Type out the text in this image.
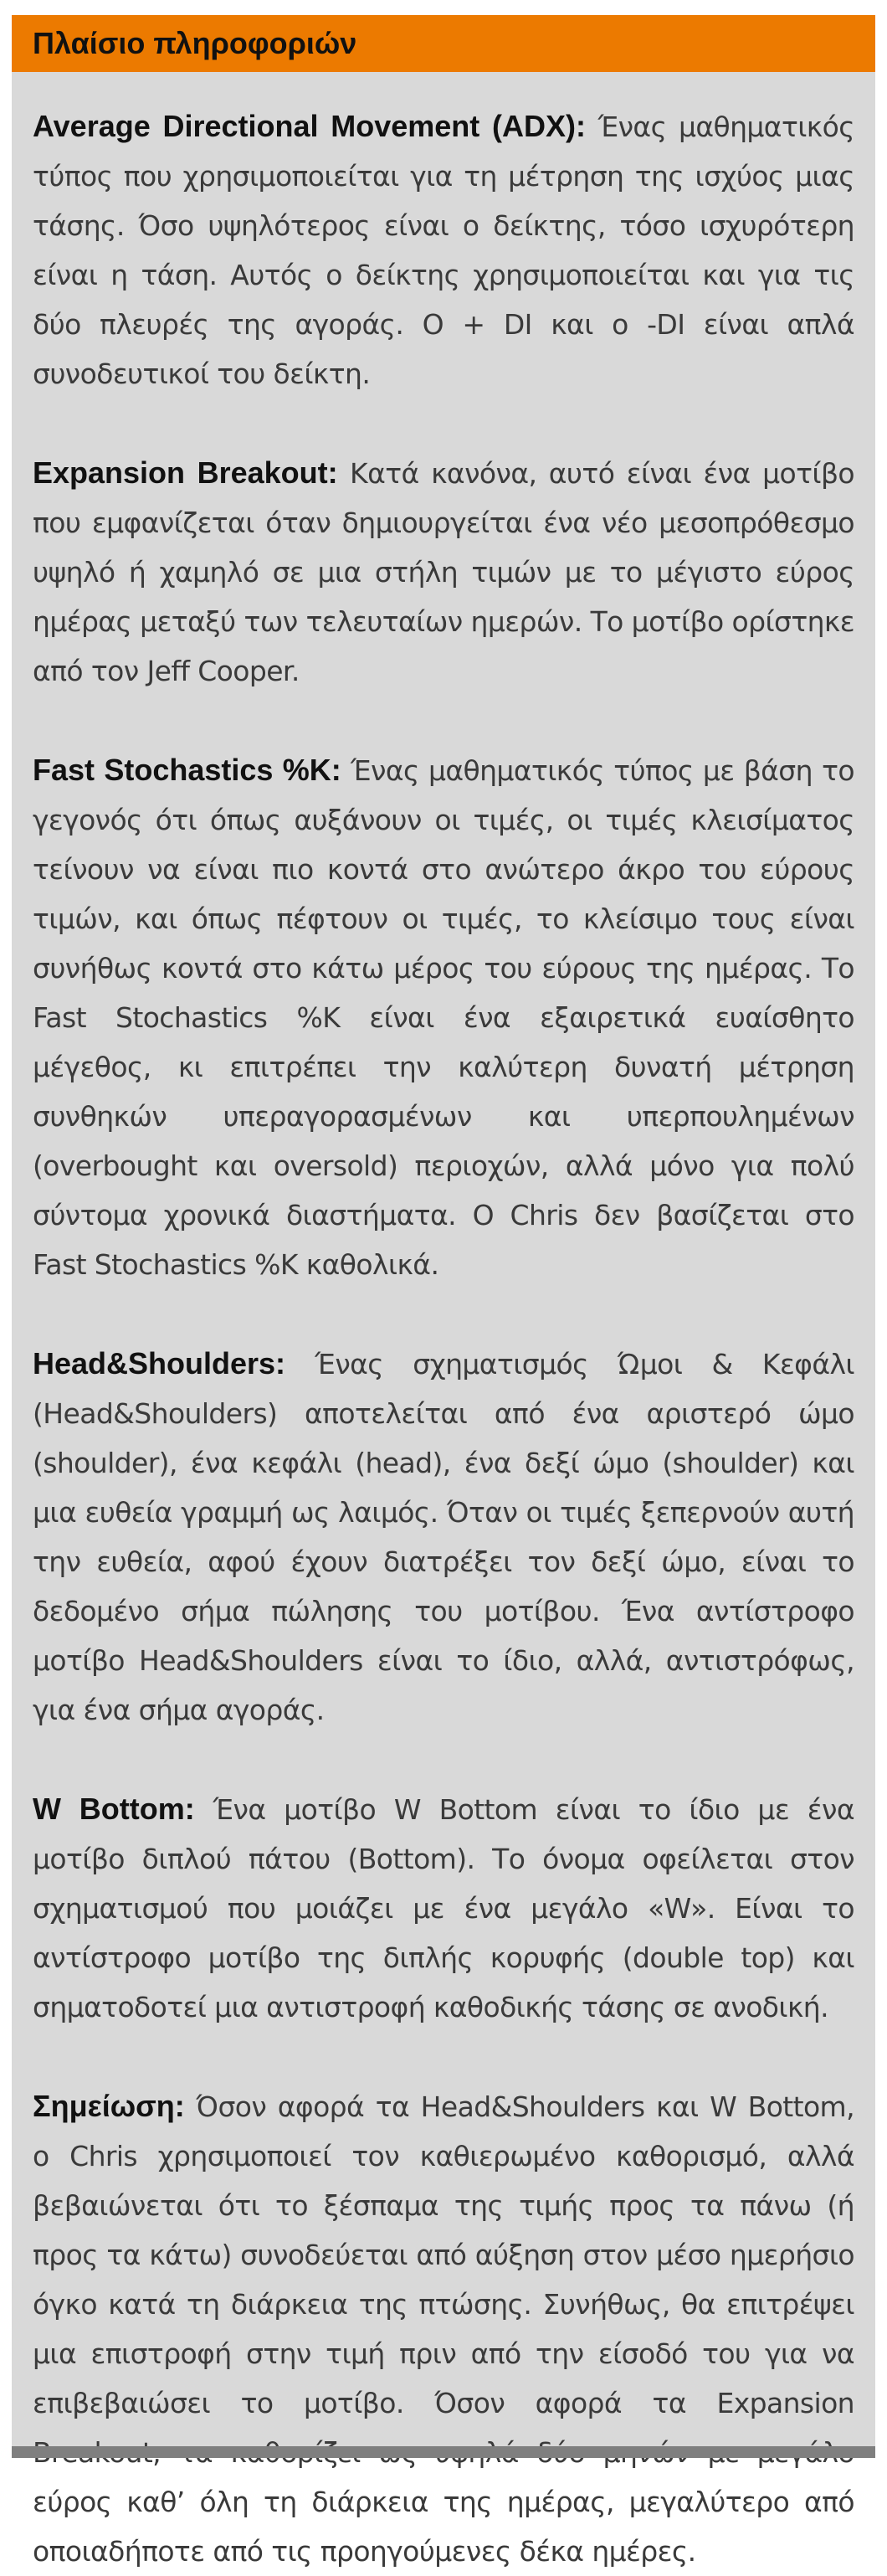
Πλαίσιο πληροφοριών

Average Directional Movement (ADX): Ένας μαθηματικός τύπος που χρησιμοποιείται για τη μέτρηση της ισχύος μιας τάσης. Όσο υψηλότερος είναι ο δείκτης, τόσο ισχυρότερη είναι η τάση. Αυτός ο δείκτης χρησιμοποιείται και για τις δύο πλευρές της αγοράς. Ο + DI και ο -DI είναι απλά συνοδευτικοί του δείκτη.

Expansion Breakout: Κατά κανόνα, αυτό είναι ένα μοτίβο που εμφανίζεται όταν δημιουργείται ένα νέο μεσοπρόθεσμο υψηλό ή χαμηλό σε μια στήλη τιμών με το μέγιστο εύρος ημέρας μεταξύ των τελευταίων ημερών. Το μοτίβο ορίστηκε από τον Jeff Cooper.

Fast Stochastics %K: Ένας μαθηματικός τύπος με βάση το γεγονός ότι όπως αυξάνουν οι τιμές, οι τιμές κλεισίματος τείνουν να είναι πιο κοντά στο ανώτερο άκρο του εύρους τιμών, και όπως πέφτουν οι τιμές, το κλείσιμο τους είναι συνήθως κοντά στο κάτω μέρος του εύρους της ημέρας. Το Fast Stochastics %K είναι ένα εξαιρετικά ευαίσθητο μέγεθος, κι επιτρέπει την καλύτερη δυνατή μέτρηση συνθηκών υπεραγορασμένων και υπερπουλημένων (overbought και oversold) περιοχών, αλλά μόνο για πολύ σύντομα χρονικά διαστήματα. Ο Chris δεν βασίζεται στο Fast Stochastics %K καθολικά.

Head&Shoulders: Ένας σχηματισμός Ώμοι & Κεφάλι (Head&Shoulders) αποτελείται από ένα αριστερό ώμο (shoulder), ένα κεφάλι (head), ένα δεξί ώμο (shoulder) και μια ευθεία γραμμή ως λαιμός. Όταν οι τιμές ξεπερνούν αυτή την ευθεία, αφού έχουν διατρέξει τον δεξί ώμο, είναι το δεδομένο σήμα πώλησης του μοτίβου. Ένα αντίστροφο μοτίβο Head&Shoulders είναι το ίδιο, αλλά, αντιστρόφως, για ένα σήμα αγοράς.

W Bottom: Ένα μοτίβο W Bottom είναι το ίδιο με ένα μοτίβο διπλού πάτου (Bottom). Το όνομα οφείλεται στον σχηματισμού που μοιάζει με ένα μεγάλο «W». Είναι το αντίστροφο μοτίβο της διπλής κορυφής (double top) και σηματοδοτεί μια αντιστροφή καθοδικής τάσης σε ανοδική.

Σημείωση: Όσον αφορά τα Head&Shoulders και W Bottom, ο Chris χρησιμοποιεί τον καθιερωμένο καθορισμό, αλλά βεβαιώνεται ότι το ξέσπαμα της τιμής προς τα πάνω (ή προς τα κάτω) συνοδεύεται από αύξηση στον μέσο ημερήσιο όγκο κατά τη διάρκεια της πτώσης. Συνήθως, θα επιτρέψει μια επιστροφή στην τιμή πριν από την είσοδό του για να επιβεβαιώσει το μοτίβο. Όσον αφορά τα Expansion εύρος καθ’ όλη τη διάρκεια της ημέρας, μεγαλύτερο από οποιαδήποτε από τις προηγούμενες δέκα ημέρες.
